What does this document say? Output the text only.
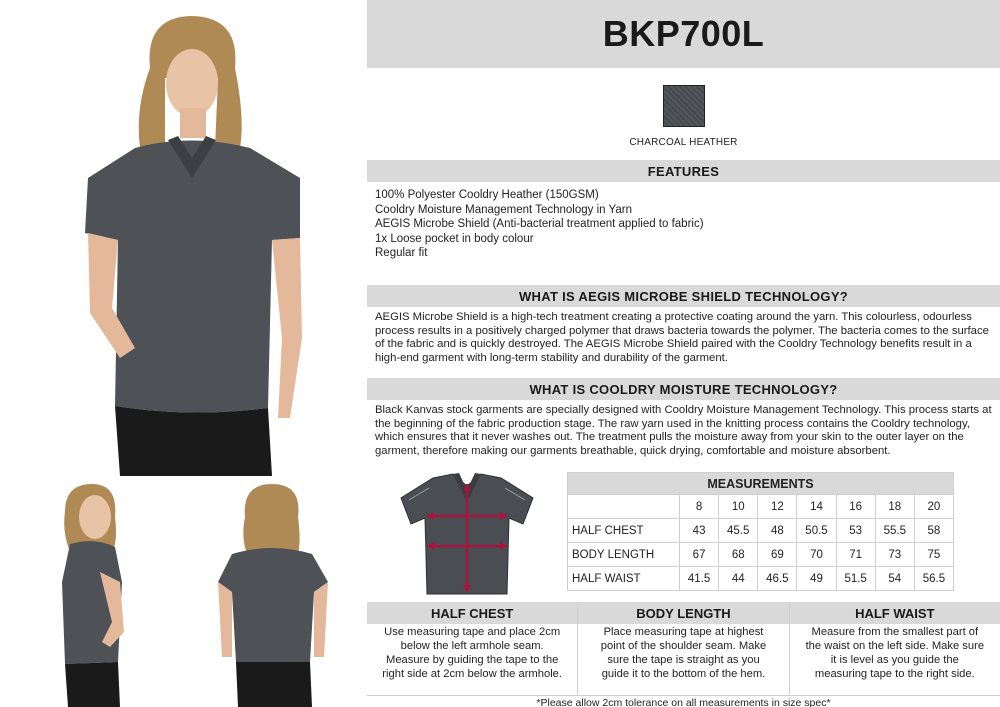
BKP700L
CHARCOAL HEATHER
FEATURES
100% Polyester Cooldry Heather (150GSM)
Cooldry Moisture Management Technology in Yarn
AEGIS Microbe Shield (Anti-bacterial treatment applied to fabric)
1x Loose pocket in body colour
Regular fit
WHAT IS AEGIS MICROBE SHIELD TECHNOLOGY?

AEGIS Microbe Shield is a high-tech treatment creating a protective coating around the yarn. This colourless, odourless process results in a positively charged polymer that draws bacteria towards the polymer. The bacteria comes to the surface of the fabric and is quickly destroyed. The AEGIS Microbe Shield paired with the Cooldry Technology benefits result in a high-end garment with long-term stability and durability of the garment.

WHAT IS COOLDRY MOISTURE TECHNOLOGY?

Black Kanvas stock garments are specially designed with Cooldry Moisture Management Technology. This process starts at the beginning of the fabric production stage. The raw yarn used in the knitting process contains the Cooldry technology, which ensures that it never washes out. The treatment pulls the moisture away from your skin to the outer layer on the garment, therefore making our garments breathable, quick drying, comfortable and moisture absorbent.

MEASUREMENTS							
	8	10	12	14	16	18	20
HALF CHEST	43	45.5	48	50.5	53	55.5	58
BODY LENGTH	67	68	69	70	71	73	75
HALF WAIST	41.5	44	46.5	49	51.5	54	56.5
HALF CHEST

Use measuring tape and place 2cm below the left armhole seam. Measure by guiding the tape to the right side at 2cm below the armhole.

BODY LENGTH

Place measuring tape at highest point of the shoulder seam. Make sure the tape is straight as you guide it to the bottom of the hem.

HALF WAIST

Measure from the smallest part of the waist on the left side. Make sure it is level as you guide the measuring tape to the right side.

*Please allow 2cm tolerance on all measurements in size spec*
